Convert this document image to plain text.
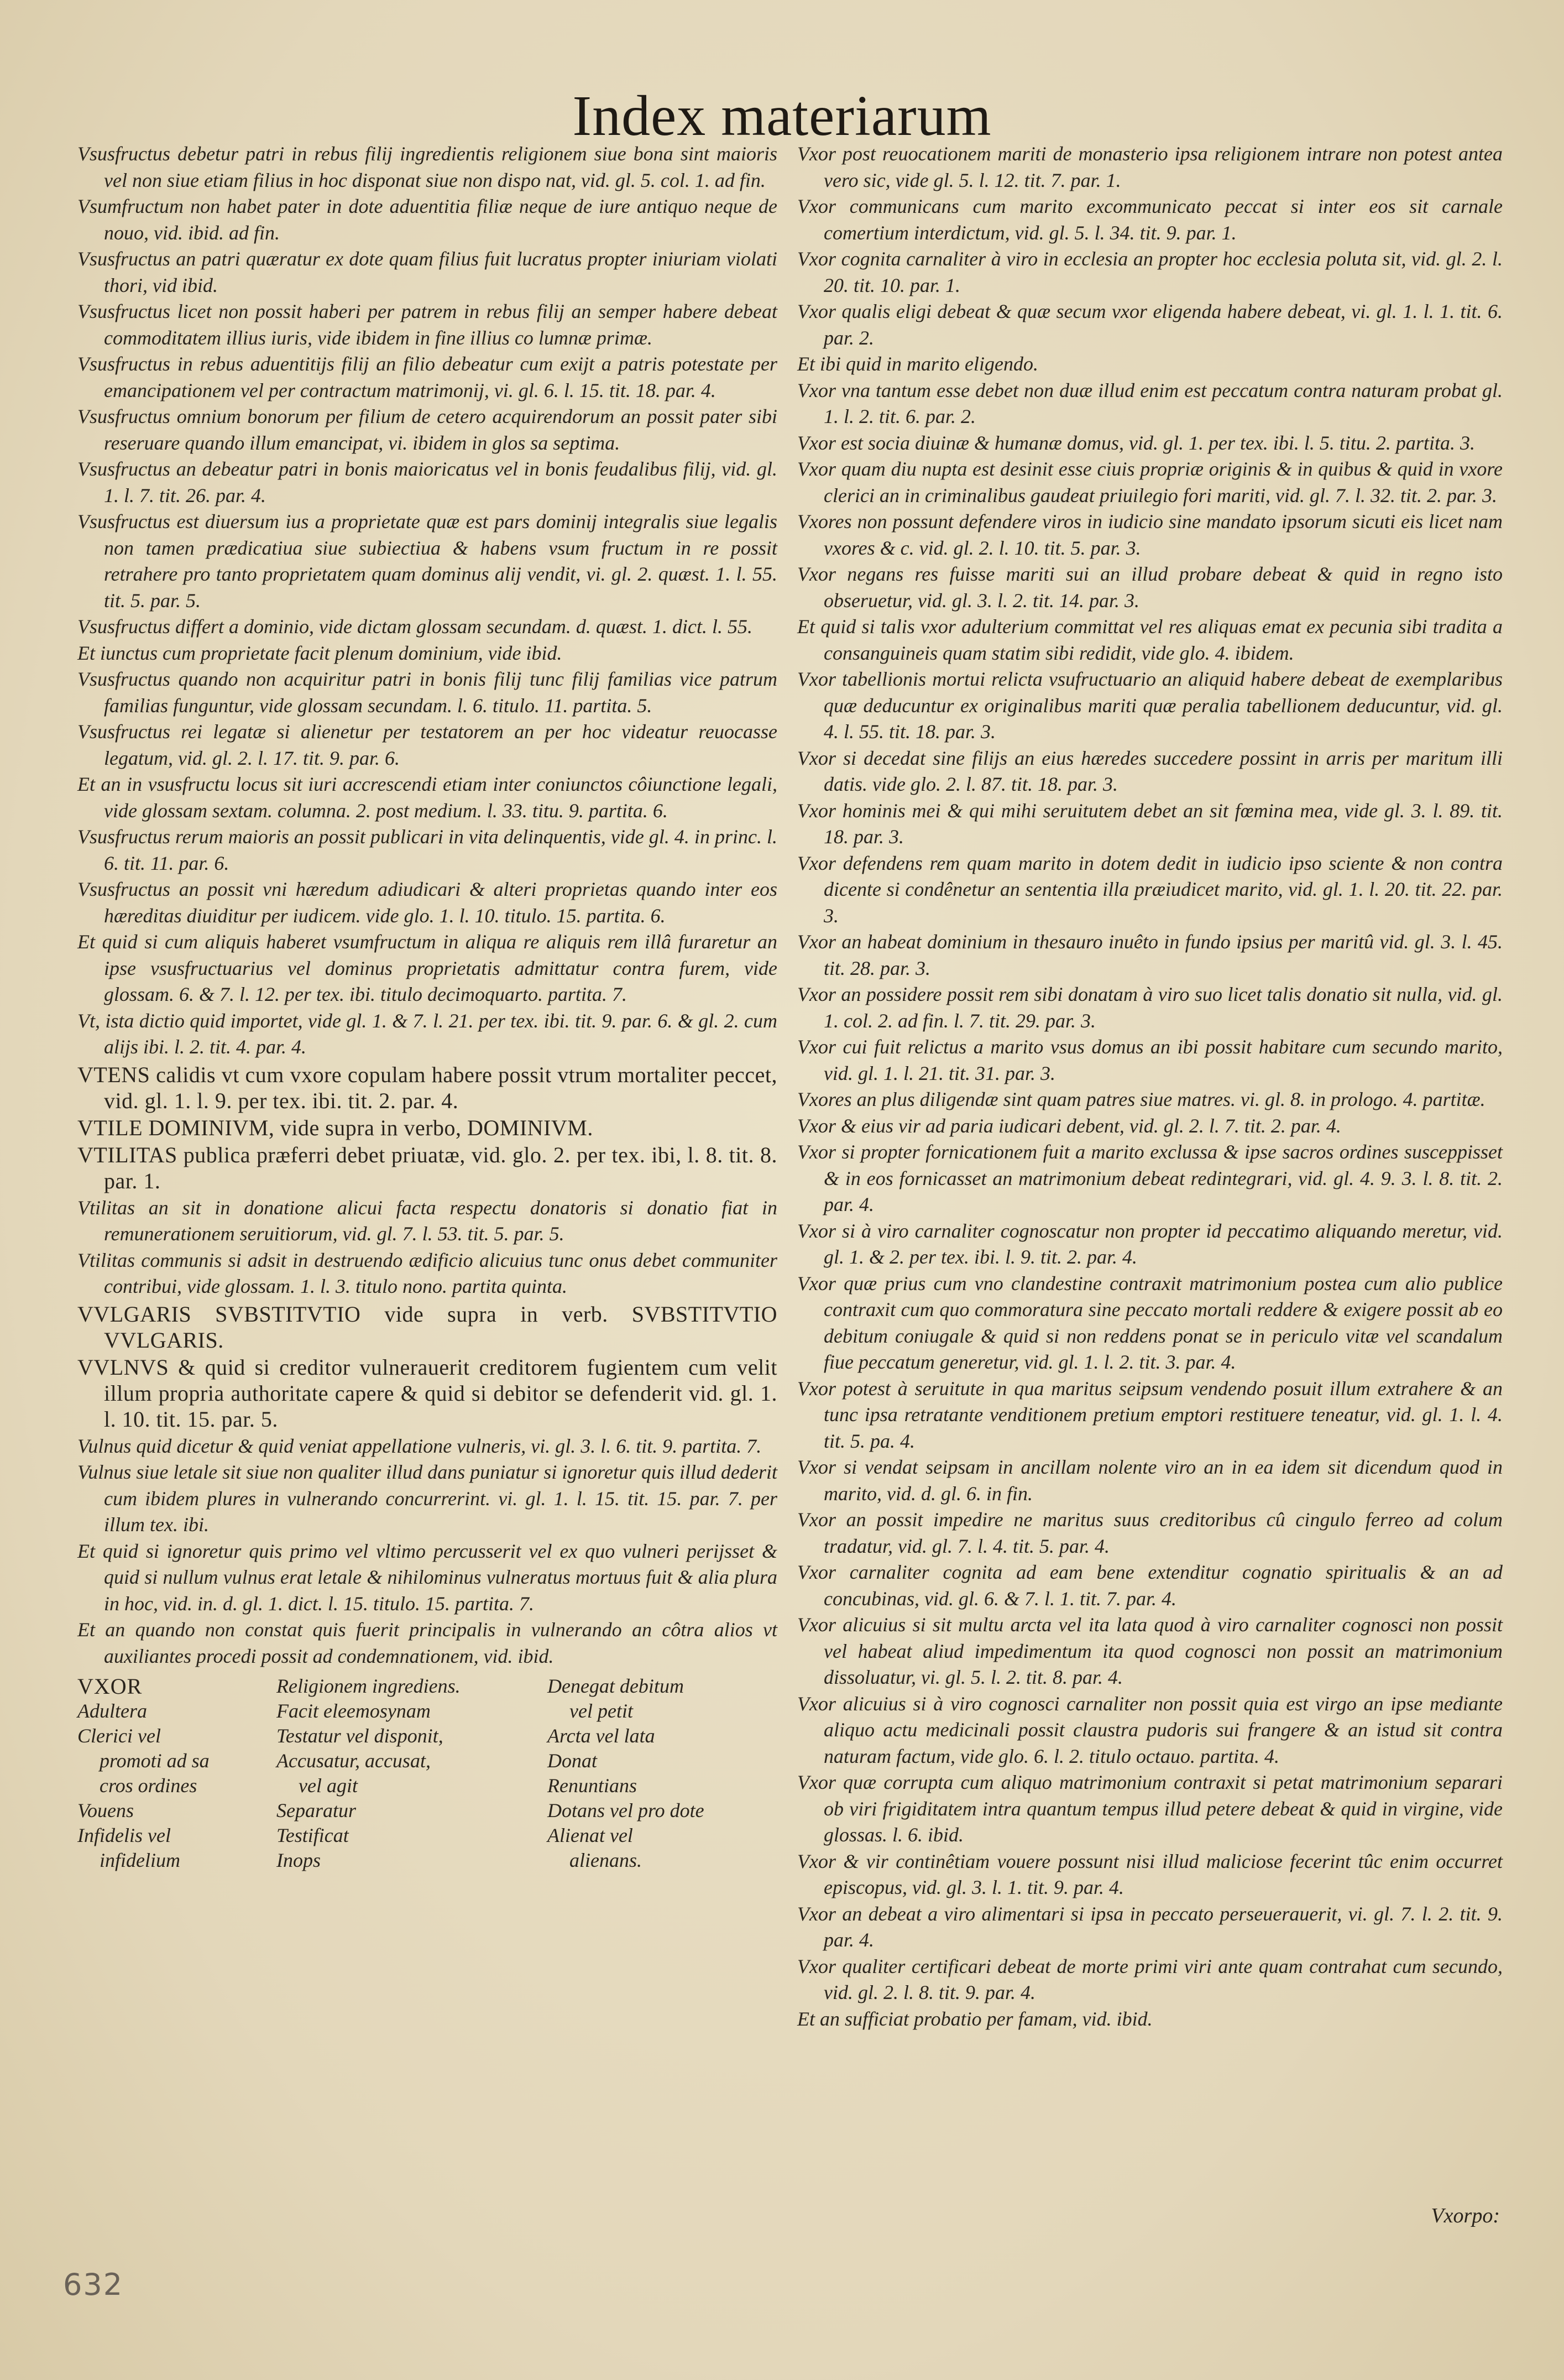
Index materiarum

Vsusfructus debetur patri in rebus filij ingredientis religionem siue bona sint maioris vel non siue etiam filius in hoc disponat siue non dispo nat, vid. gl. 5. col. 1. ad fin.

Vsumfructum non habet pater in dote aduentitia filiæ neque de iure antiquo neque de nouo, vid. ibid. ad fin.

Vsusfructus an patri quæratur ex dote quam filius fuit lucratus propter iniuriam violati thori, vid ibid.

Vsusfructus licet non possit haberi per patrem in rebus filij an semper habere debeat commoditatem illius iuris, vide ibidem in fine illius co lumnæ primæ.

Vsusfructus in rebus aduentitijs filij an filio debeatur cum exijt a patris potestate per emancipationem vel per contractum matrimonij, vi. gl. 6. l. 15. tit. 18. par. 4.

Vsusfructus omnium bonorum per filium de cetero acquirendorum an possit pater sibi reseruare quando illum emancipat, vi. ibidem in glos sa septima.

Vsusfructus an debeatur patri in bonis maioricatus vel in bonis feudalibus filij, vid. gl. 1. l. 7. tit. 26. par. 4.

Vsusfructus est diuersum ius a proprietate quæ est pars dominij integralis siue legalis non tamen prædicatiua siue subiectiua & habens vsum fructum in re possit retrahere pro tanto proprietatem quam dominus alij vendit, vi. gl. 2. quæst. 1. l. 55. tit. 5. par. 5.

Vsusfructus differt a dominio, vide dictam glossam secundam. d. quæst. 1. dict. l. 55.

Et iunctus cum proprietate facit plenum dominium, vide ibid.

Vsusfructus quando non acquiritur patri in bonis filij tunc filij familias vice patrum familias funguntur, vide glossam secundam. l. 6. titulo. 11. partita. 5.

Vsusfructus rei legatæ si alienetur per testatorem an per hoc videatur reuocasse legatum, vid. gl. 2. l. 17. tit. 9. par. 6.

Et an in vsusfructu locus sit iuri accrescendi etiam inter coniunctos côiunctione legali, vide glossam sextam. columna. 2. post medium. l. 33. titu. 9. partita. 6.

Vsusfructus rerum maioris an possit publicari in vita delinquentis, vide gl. 4. in princ. l. 6. tit. 11. par. 6.

Vsusfructus an possit vni hæredum adiudicari & alteri proprietas quando inter eos hæreditas diuiditur per iudicem. vide glo. 1. l. 10. titulo. 15. partita. 6.

Et quid si cum aliquis haberet vsumfructum in aliqua re aliquis rem illâ furaretur an ipse vsusfructuarius vel dominus proprietatis admittatur contra furem, vide glossam. 6. & 7. l. 12. per tex. ibi. titulo decimoquarto. partita. 7.

Vt, ista dictio quid importet, vide gl. 1. & 7. l. 21. per tex. ibi. tit. 9. par. 6. & gl. 2. cum alijs ibi. l. 2. tit. 4. par. 4.

VTENS calidis vt cum vxore copulam habere possit vtrum mortaliter peccet, vid. gl. 1. l. 9. per tex. ibi. tit. 2. par. 4.

VTILE DOMINIVM, vide supra in verbo, DOMINIVM.

VTILITAS publica præferri debet priuatæ, vid. glo. 2. per tex. ibi, l. 8. tit. 8. par. 1.

Vtilitas an sit in donatione alicui facta respectu donatoris si donatio fiat in remunerationem seruitiorum, vid. gl. 7. l. 53. tit. 5. par. 5.

Vtilitas communis si adsit in destruendo ædificio alicuius tunc onus debet communiter contribui, vide glossam. 1. l. 3. titulo nono. partita quinta.

VVLGARIS SVBSTITVTIO vide supra in verb. SVBSTITVTIO VVLGARIS.

VVLNVS & quid si creditor vulnerauerit creditorem fugientem cum velit illum propria authoritate capere & quid si debitor se defenderit vid. gl. 1. l. 10. tit. 15. par. 5.

Vulnus quid dicetur & quid veniat appellatione vulneris, vi. gl. 3. l. 6. tit. 9. partita. 7.

Vulnus siue letale sit siue non qualiter illud dans puniatur si ignoretur quis illud dederit cum ibidem plures in vulnerando concurrerint. vi. gl. 1. l. 15. tit. 15. par. 7. per illum tex. ibi.

Et quid si ignoretur quis primo vel vltimo percusserit vel ex quo vulneri perijsset & quid si nullum vulnus erat letale & nihilominus vulneratus mortuus fuit & alia plura in hoc, vid. in. d. gl. 1. dict. l. 15. titulo. 15. partita. 7.

Et an quando non constat quis fuerit principalis in vulnerando an côtra alios vt auxiliantes procedi possit ad condemnationem, vid. ibid.

VXOR
Adultera
Clerici vel
promoti ad sa
cros ordines
Vouens
Infidelis vel
infidelium
Religionem ingrediens.
Facit eleemosynam
Testatur vel disponit,
Accusatur, accusat,
vel agit
Separatur
Testificat
Inops
Denegat debitum
vel petit
Arcta vel lata
Donat
Renuntians
Dotans vel pro dote
Alienat vel
alienans.

Vxor post reuocationem mariti de monasterio ipsa religionem intrare non potest antea vero sic, vide gl. 5. l. 12. tit. 7. par. 1.

Vxor communicans cum marito excommunicato peccat si inter eos sit carnale comertium interdictum, vid. gl. 5. l. 34. tit. 9. par. 1.

Vxor cognita carnaliter à viro in ecclesia an propter hoc ecclesia poluta sit, vid. gl. 2. l. 20. tit. 10. par. 1.

Vxor qualis eligi debeat & quæ secum vxor eligenda habere debeat, vi. gl. 1. l. 1. tit. 6. par. 2.

Et ibi quid in marito eligendo.

Vxor vna tantum esse debet non duæ illud enim est peccatum contra naturam probat gl. 1. l. 2. tit. 6. par. 2.

Vxor est socia diuinæ & humanæ domus, vid. gl. 1. per tex. ibi. l. 5. titu. 2. partita. 3.

Vxor quam diu nupta est desinit esse ciuis propriæ originis & in quibus & quid in vxore clerici an in criminalibus gaudeat priuilegio fori mariti, vid. gl. 7. l. 32. tit. 2. par. 3.

Vxores non possunt defendere viros in iudicio sine mandato ipsorum sicuti eis licet nam vxores & c. vid. gl. 2. l. 10. tit. 5. par. 3.

Vxor negans res fuisse mariti sui an illud probare debeat & quid in regno isto obseruetur, vid. gl. 3. l. 2. tit. 14. par. 3.

Et quid si talis vxor adulterium committat vel res aliquas emat ex pecunia sibi tradita a consanguineis quam statim sibi redidit, vide glo. 4. ibidem.

Vxor tabellionis mortui relicta vsufructuario an aliquid habere debeat de exemplaribus quæ deducuntur ex originalibus mariti quæ peralia tabellionem deducuntur, vid. gl. 4. l. 55. tit. 18. par. 3.

Vxor si decedat sine filijs an eius hæredes succedere possint in arris per maritum illi datis. vide glo. 2. l. 87. tit. 18. par. 3.

Vxor hominis mei & qui mihi seruitutem debet an sit fœmina mea, vide gl. 3. l. 89. tit. 18. par. 3.

Vxor defendens rem quam marito in dotem dedit in iudicio ipso sciente & non contra dicente si condênetur an sententia illa præiudicet marito, vid. gl. 1. l. 20. tit. 22. par. 3.

Vxor an habeat dominium in thesauro inuêto in fundo ipsius per maritû vid. gl. 3. l. 45. tit. 28. par. 3.

Vxor an possidere possit rem sibi donatam à viro suo licet talis donatio sit nulla, vid. gl. 1. col. 2. ad fin. l. 7. tit. 29. par. 3.

Vxor cui fuit relictus a marito vsus domus an ibi possit habitare cum secundo marito, vid. gl. 1. l. 21. tit. 31. par. 3.

Vxores an plus diligendæ sint quam patres siue matres. vi. gl. 8. in prologo. 4. partitæ.

Vxor & eius vir ad paria iudicari debent, vid. gl. 2. l. 7. tit. 2. par. 4.

Vxor si propter fornicationem fuit a marito exclussa & ipse sacros ordines susceppisset & in eos fornicasset an matrimonium debeat redintegrari, vid. gl. 4. 9. 3. l. 8. tit. 2. par. 4.

Vxor si à viro carnaliter cognoscatur non propter id peccatimo aliquando meretur, vid. gl. 1. & 2. per tex. ibi. l. 9. tit. 2. par. 4.

Vxor quæ prius cum vno clandestine contraxit matrimonium postea cum alio publice contraxit cum quo commoratura sine peccato mortali reddere & exigere possit ab eo debitum coniugale & quid si non reddens ponat se in periculo vitæ vel scandalum fiue peccatum generetur, vid. gl. 1. l. 2. tit. 3. par. 4.

Vxor potest à seruitute in qua maritus seipsum vendendo posuit illum extrahere & an tunc ipsa retratante venditionem pretium emptori restituere teneatur, vid. gl. 1. l. 4. tit. 5. pa. 4.

Vxor si vendat seipsam in ancillam nolente viro an in ea idem sit dicendum quod in marito, vid. d. gl. 6. in fin.

Vxor an possit impedire ne maritus suus creditoribus cû cingulo ferreo ad colum tradatur, vid. gl. 7. l. 4. tit. 5. par. 4.

Vxor carnaliter cognita ad eam bene extenditur cognatio spiritualis & an ad concubinas, vid. gl. 6. & 7. l. 1. tit. 7. par. 4.

Vxor alicuius si sit multu arcta vel ita lata quod à viro carnaliter cognosci non possit vel habeat aliud impedimentum ita quod cognosci non possit an matrimonium dissoluatur, vi. gl. 5. l. 2. tit. 8. par. 4.

Vxor alicuius si à viro cognosci carnaliter non possit quia est virgo an ipse mediante aliquo actu medicinali possit claustra pudoris sui frangere & an istud sit contra naturam factum, vide glo. 6. l. 2. titulo octauo. partita. 4.

Vxor quæ corrupta cum aliquo matrimonium contraxit si petat matrimonium separari ob viri frigiditatem intra quantum tempus illud petere debeat & quid in virgine, vide glossas. l. 6. ibid.

Vxor & vir continêtiam vouere possunt nisi illud maliciose fecerint tûc enim occurret episcopus, vid. gl. 3. l. 1. tit. 9. par. 4.

Vxor an debeat a viro alimentari si ipsa in peccato perseuerauerit, vi. gl. 7. l. 2. tit. 9. par. 4.

Vxor qualiter certificari debeat de morte primi viri ante quam contrahat cum secundo, vid. gl. 2. l. 8. tit. 9. par. 4.

Et an sufficiat probatio per famam, vid. ibid.

Vxorpo:
632
